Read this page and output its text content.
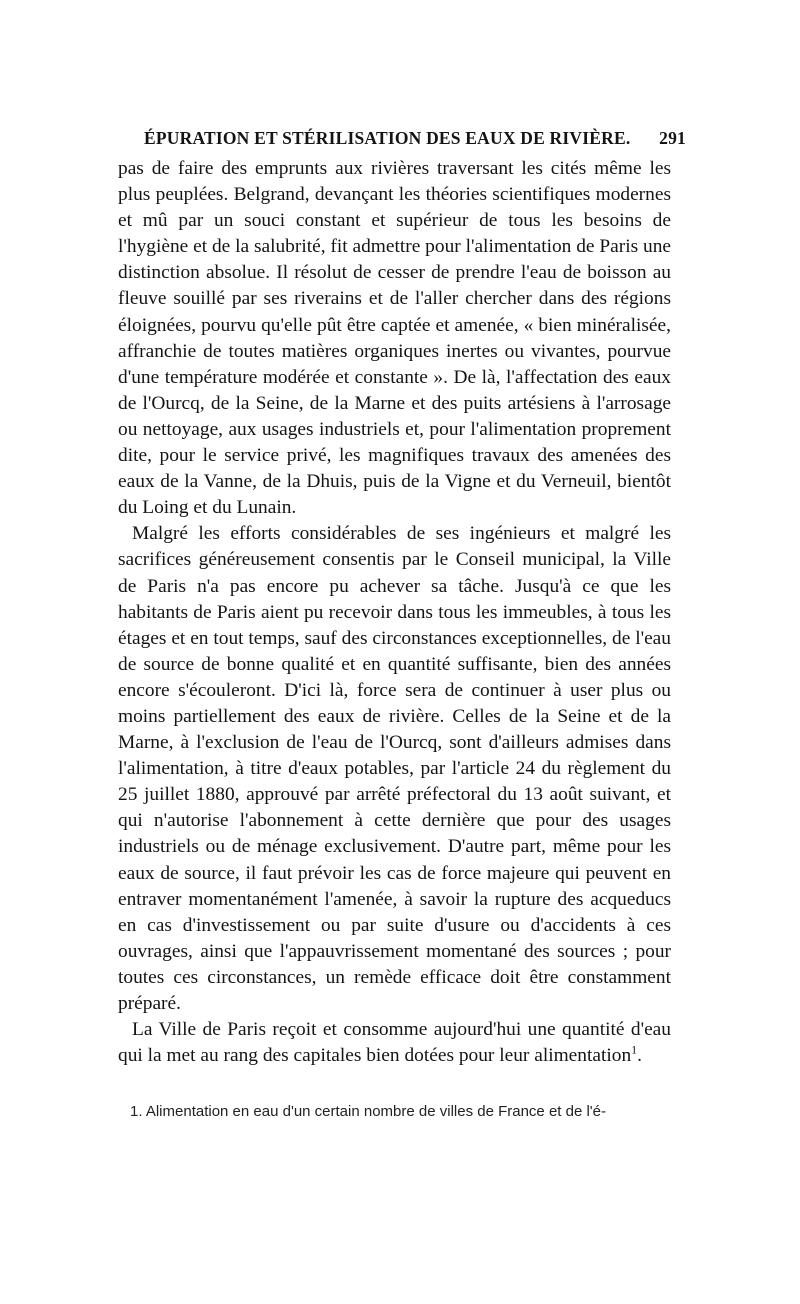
ÉPURATION ET STÉRILISATION DES EAUX DE RIVIÈRE. 291

pas de faire des emprunts aux rivières traversant les cités même les plus peuplées. Belgrand, devançant les théories scientifiques modernes et mû par un souci constant et supérieur de tous les besoins de l'hygiène et de la salubrité, fit admettre pour l'alimentation de Paris une distinction absolue. Il résolut de cesser de prendre l'eau de boisson au fleuve souillé par ses riverains et de l'aller chercher dans des régions éloignées, pourvu qu'elle pût être captée et amenée, « bien minéralisée, affranchie de toutes matières organiques inertes ou vivantes, pourvue d'une température modérée et constante ». De là, l'affectation des eaux de l'Ourcq, de la Seine, de la Marne et des puits artésiens à l'arrosage ou nettoyage, aux usages industriels et, pour l'alimentation proprement dite, pour le service privé, les magnifiques travaux des amenées des eaux de la Vanne, de la Dhuis, puis de la Vigne et du Verneuil, bientôt du Loing et du Lunain.

Malgré les efforts considérables de ses ingénieurs et malgré les sacrifices généreusement consentis par le Conseil municipal, la Ville de Paris n'a pas encore pu achever sa tâche. Jusqu'à ce que les habitants de Paris aient pu recevoir dans tous les immeubles, à tous les étages et en tout temps, sauf des circonstances exceptionnelles, de l'eau de source de bonne qualité et en quantité suffisante, bien des années encore s'écouleront. D'ici là, force sera de continuer à user plus ou moins partiellement des eaux de rivière. Celles de la Seine et de la Marne, à l'exclusion de l'eau de l'Ourcq, sont d'ailleurs admises dans l'alimentation, à titre d'eaux potables, par l'article 24 du règlement du 25 juillet 1880, approuvé par arrêté préfectoral du 13 août suivant, et qui n'autorise l'abonnement à cette dernière que pour des usages industriels ou de ménage exclusivement. D'autre part, même pour les eaux de source, il faut prévoir les cas de force majeure qui peuvent en entraver momentanément l'amenée, à savoir la rupture des acqueducs en cas d'investissement ou par suite d'usure ou d'accidents à ces ouvrages, ainsi que l'appauvrissement momentané des sources ; pour toutes ces circonstances, un remède efficace doit être constamment préparé.

La Ville de Paris reçoit et consomme aujourd'hui une quantité d'eau qui la met au rang des capitales bien dotées pour leur alimentation$^1$.

1. Alimentation en eau d'un certain nombre de villes de France et de l'é-
